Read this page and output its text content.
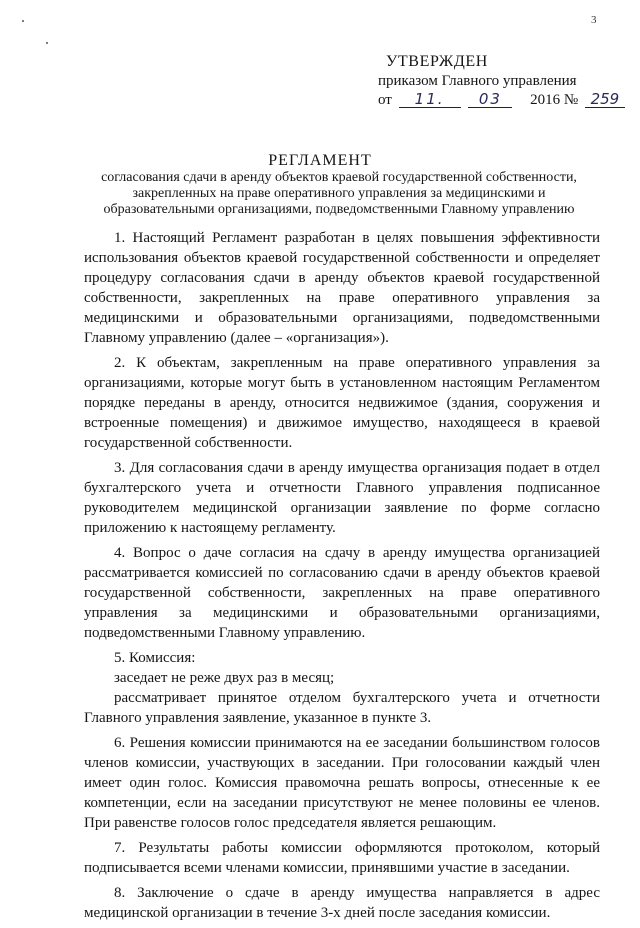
3
УТВЕРЖДЕН
приказом Главного управления
от 11. 03 2016 № 259
РЕГЛАМЕНТ
согласования сдачи в аренду объектов краевой государственной собственности, закрепленных на праве оперативного управления за медицинскими и образовательными организациями, подведомственными Главному управлению

1. Настоящий Регламент разработан в целях повышения эффективности использования объектов краевой государственной собственности и определяет процедуру согласования сдачи в аренду объектов краевой государственной собственности, закрепленных на праве оперативного управления за медицинскими и образовательными организациями, подведомственными Главному управлению (далее – «организация»).

2. К объектам, закрепленным на праве оперативного управления за организациями, которые могут быть в установленном настоящим Регламентом порядке переданы в аренду, относится недвижимое (здания, сооружения и встроенные помещения) и движимое имущество, находящееся в краевой государственной собственности.

3. Для согласования сдачи в аренду имущества организация подает в отдел бухгалтерского учета и отчетности Главного управления подписанное руководителем медицинской организации заявление по форме согласно приложению к настоящему регламенту.

4. Вопрос о даче согласия на сдачу в аренду имущества организацией рассматривается комиссией по согласованию сдачи в аренду объектов краевой государственной собственности, закрепленных на праве оперативного управления за медицинскими и образовательными организациями, подведомственными Главному управлению.

5. Комиссия:

заседает не реже двух раз в месяц;

рассматривает принятое отделом бухгалтерского учета и отчетности Главного управления заявление, указанное в пункте 3.

6. Решения комиссии принимаются на ее заседании большинством голосов членов комиссии, участвующих в заседании. При голосовании каждый член имеет один голос. Комиссия правомочна решать вопросы, отнесенные к ее компетенции, если на заседании присутствуют не менее половины ее членов. При равенстве голосов голос председателя является решающим.

7. Результаты работы комиссии оформляются протоколом, который подписывается всеми членами комиссии, принявшими участие в заседании.

8. Заключение о сдаче в аренду имущества направляется в адрес медицинской организации в течение 3-х дней после заседания комиссии.
